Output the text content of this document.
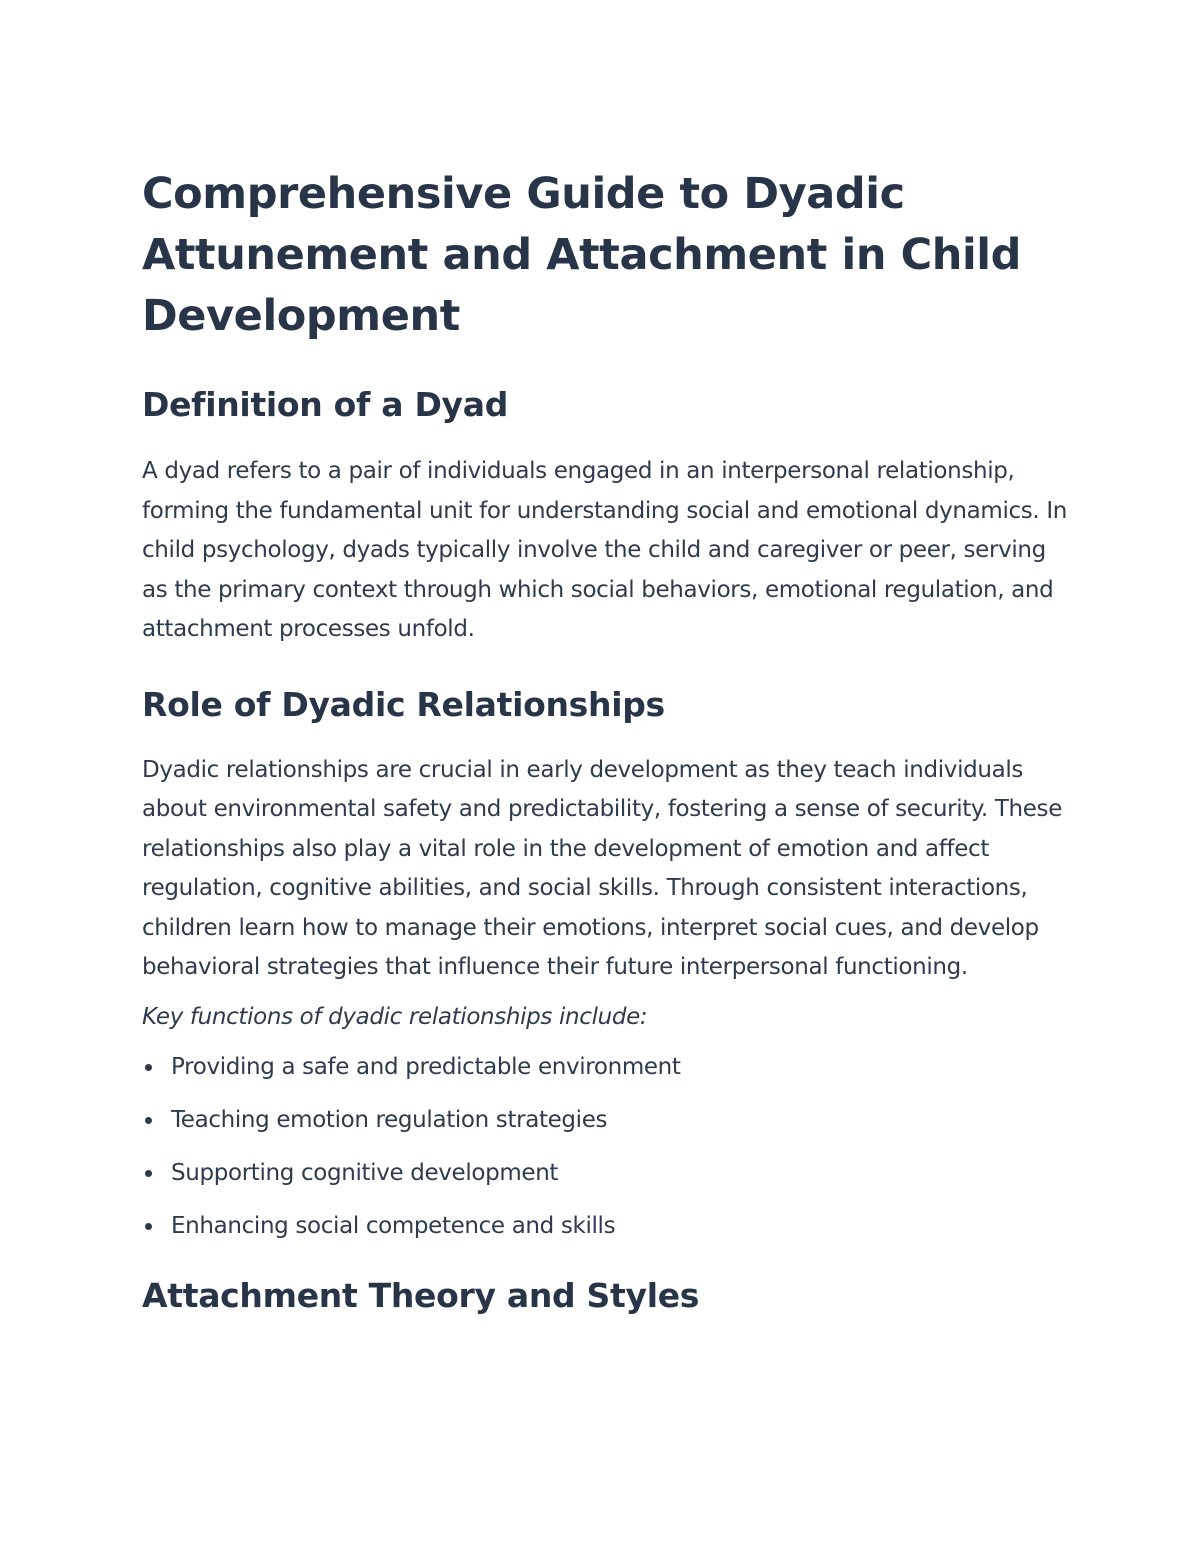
Comprehensive Guide to Dyadic Attunement and Attachment in Child Development
Definition of a Dyad

A dyad refers to a pair of individuals engaged in an interpersonal relationship, forming the fundamental unit for understanding social and emotional dynamics. In child psychology, dyads typically involve the child and caregiver or peer, serving as the primary context through which social behaviors, emotional regulation, and attachment processes unfold.

Role of Dyadic Relationships

Dyadic relationships are crucial in early development as they teach individuals about environmental safety and predictability, fostering a sense of security. These relationships also play a vital role in the development of emotion and affect regulation, cognitive abilities, and social skills. Through consistent interactions, children learn how to manage their emotions, interpret social cues, and develop behavioral strategies that influence their future interpersonal functioning.

Key functions of dyadic relationships include:

Providing a safe and predictable environment
Teaching emotion regulation strategies
Supporting cognitive development
Enhancing social competence and skills
Attachment Theory and Styles
